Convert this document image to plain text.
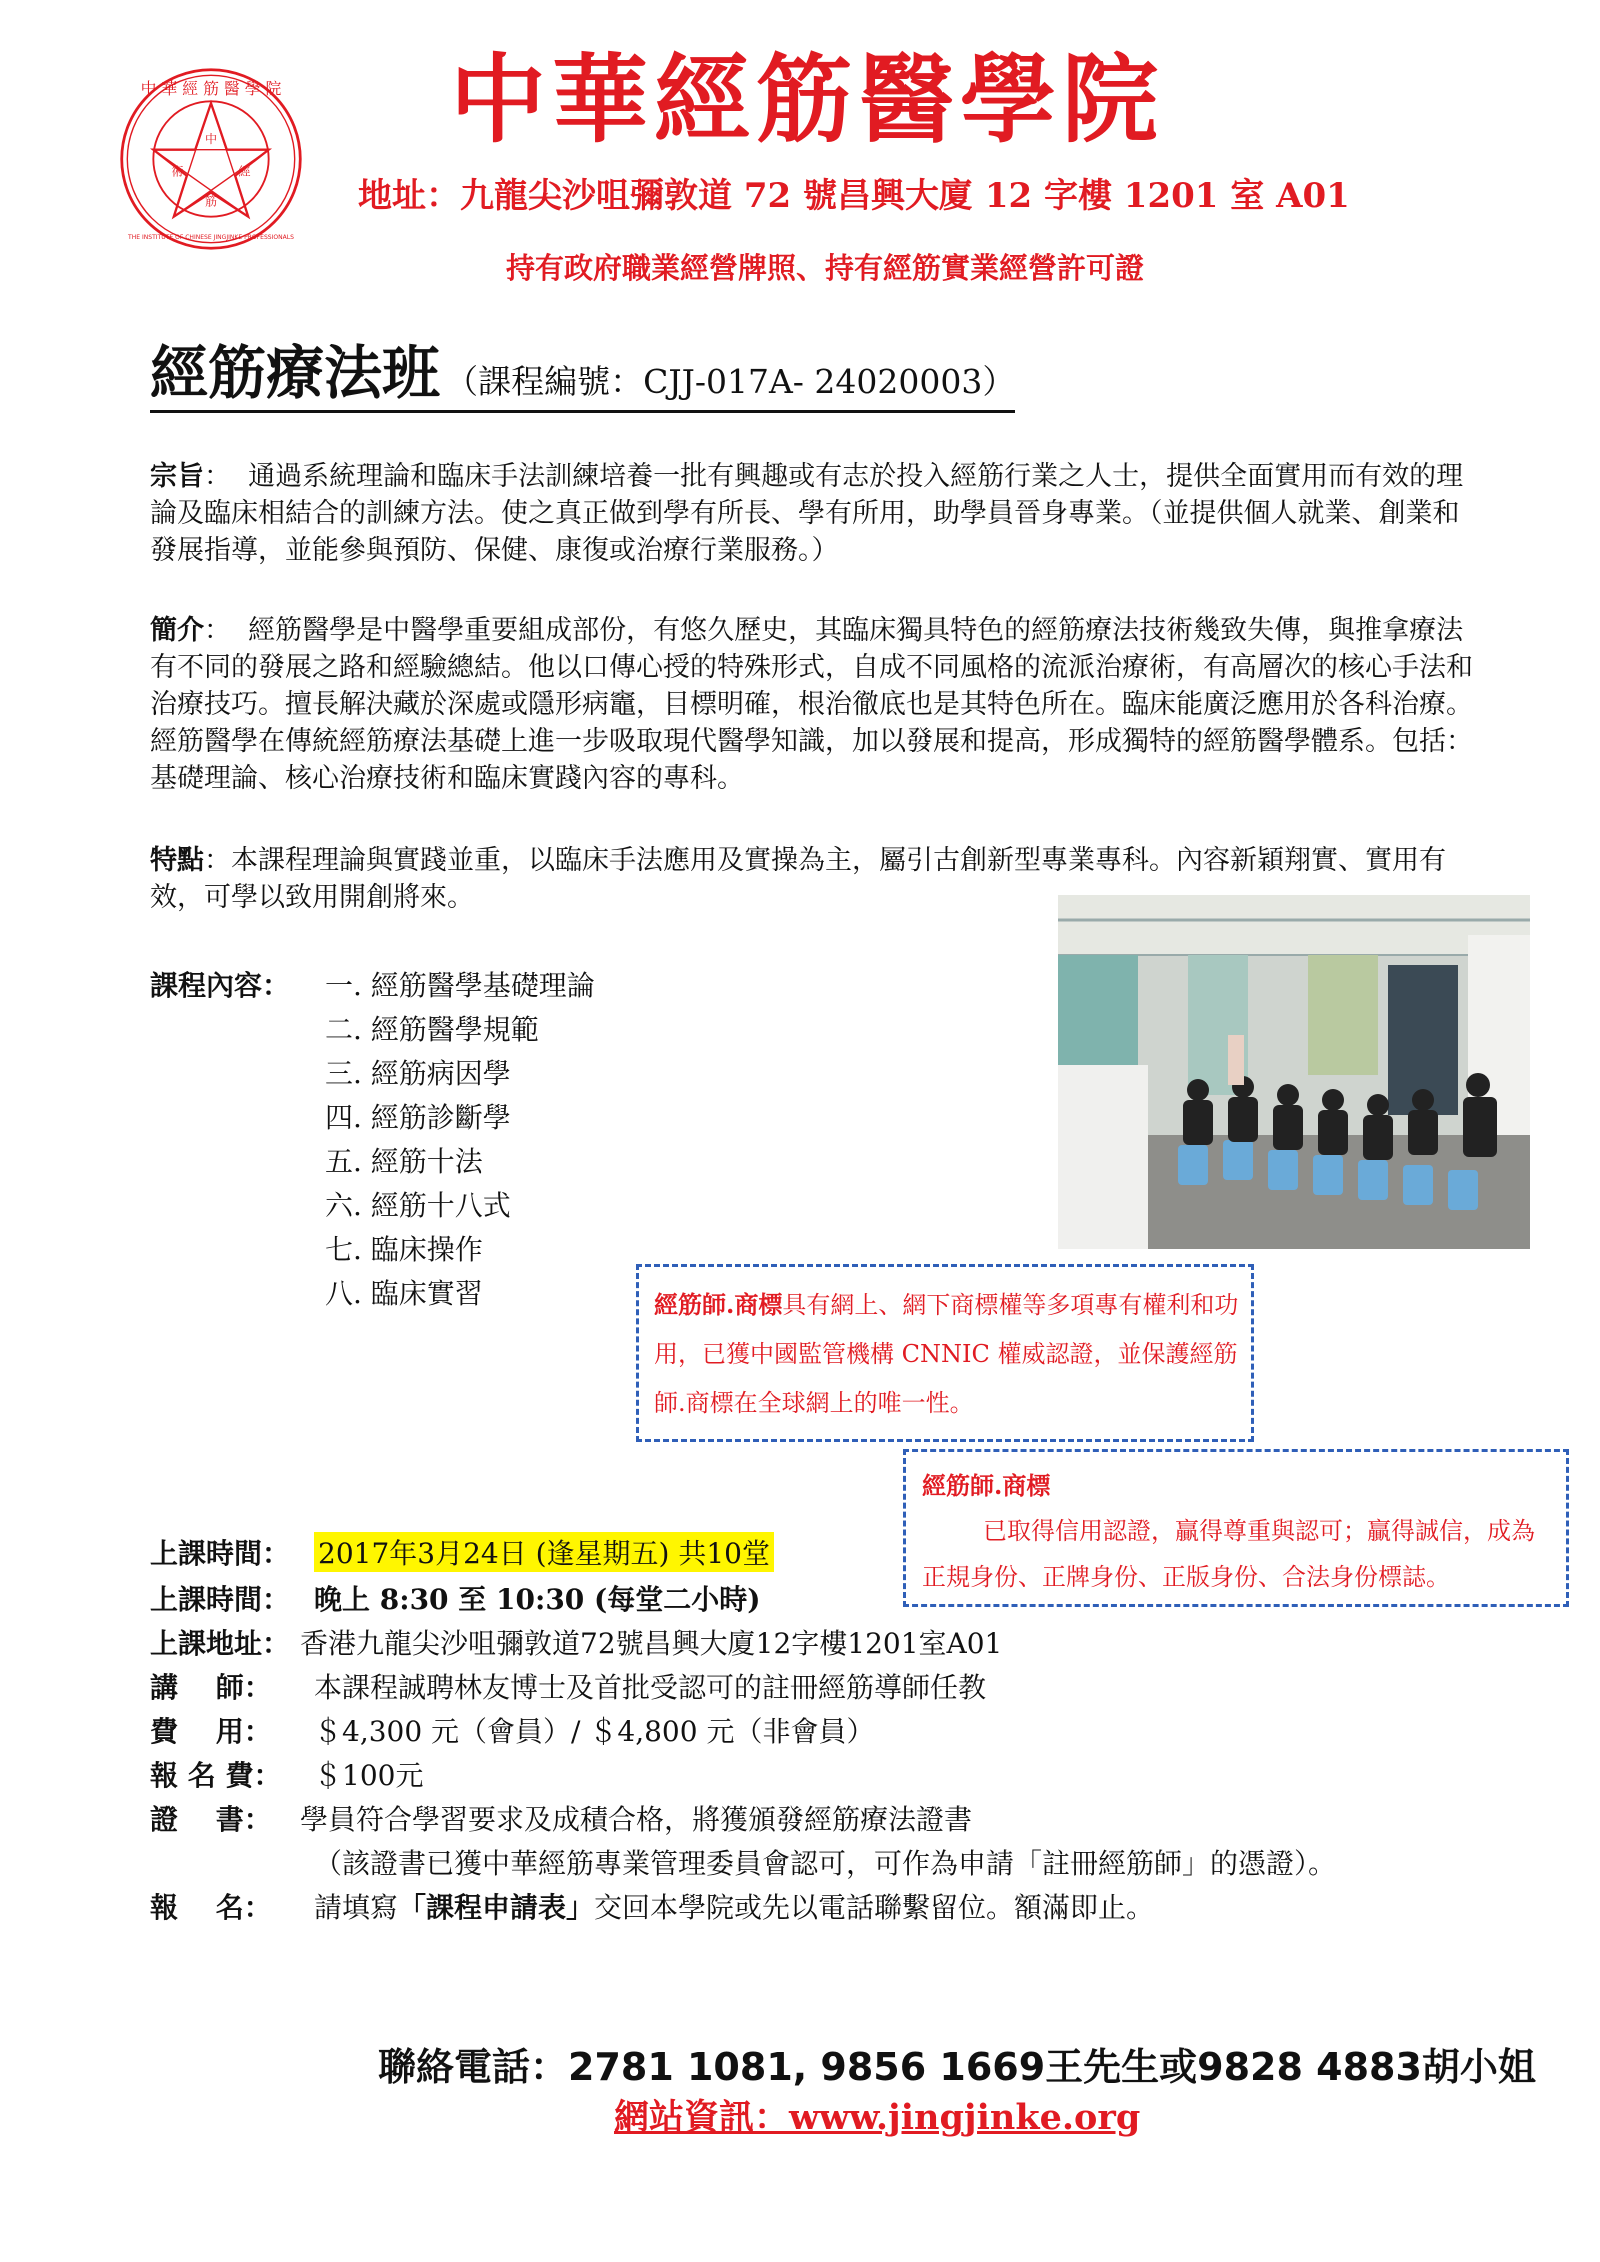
中 華 經 筋 醫 學 院
中
經
筋
術
THE INSTITUTE OF CHINESE JINGJINKE PROFESSIONALS
中華經筋醫學院
地址：九龍尖沙咀彌敦道 72 號昌興大廈 12 字樓 1201 室 A01
持有政府職業經營牌照、持有經筋實業經營許可證
經筋療法班 （課程編號：CJJ-017A- 24020003）
宗旨： 通過系統理論和臨床手法訓練培養一批有興趣或有志於投入經筋行業之人士，提供全面實用而有效的理論及臨床相結合的訓練方法。使之真正做到學有所長、學有所用，助學員晉身專業。（並提供個人就業、創業和發展指導，並能參與預防、保健、康復或治療行業服務。）
簡介： 經筋醫學是中醫學重要組成部份，有悠久歷史，其臨床獨具特色的經筋療法技術幾致失傳，與推拿療法有不同的發展之路和經驗總結。他以口傳心授的特殊形式，自成不同風格的流派治療術，有高層次的核心手法和治療技巧。擅長解決藏於深處或隱形病竈，目標明確，根治徹底也是其特色所在。臨床能廣泛應用於各科治療。經筋醫學在傳統經筋療法基礎上進一步吸取現代醫學知識，加以發展和提高，形成獨特的經筋醫學體系。包括：基礎理論、核心治療技術和臨床實踐內容的專科。
特點：本課程理論與實踐並重，以臨床手法應用及實操為主，屬引古創新型專業專科。內容新穎翔實、實用有效，可學以致用開創將來。
課程內容： 一. 經筋醫學基礎理論
二. 經筋醫學規範
三. 經筋病因學
四. 經筋診斷學
五. 經筋十法
六. 經筋十八式
七. 臨床操作
八. 臨床實習	經筋師.商標具有網上、網下商標權等多項專有權利和功用，已獲中國監管機構 CNNIC 權威認證，並保護經筋師.商標在全球網上的唯一性。
經筋師.商標
已取得信用認證，贏得尊重與認可；贏得誠信，成為正規身份、正牌身份、正版身份、合法身份標誌。
上課時間： 2017年3月24日 (逢星期五) 共10堂
上課時間： 晚上 8:30 至 10:30 (每堂二小時)
上課地址： 香港九龍尖沙咀彌敦道72號昌興大廈12字樓1201室A01
講　 師： 本課程誠聘林友博士及首批受認可的註冊經筋導師任教
費　 用： ＄4,300 元（會員）/ ＄4,800 元（非會員）
報 名 費： ＄100元
證　 書： 學員符合學習要求及成積合格，將獲頒發經筋療法證書
（該證書已獲中華經筋專業管理委員會認可，可作為申請「註冊經筋師」的憑證）。
報　 名： 請填寫「課程申請表」交回本學院或先以電話聯繫留位。額滿即止。
聯絡電話：2781 1081, 9856 1669王先生或9828 4883胡小姐
網站資訊：www.jingjinke.org
